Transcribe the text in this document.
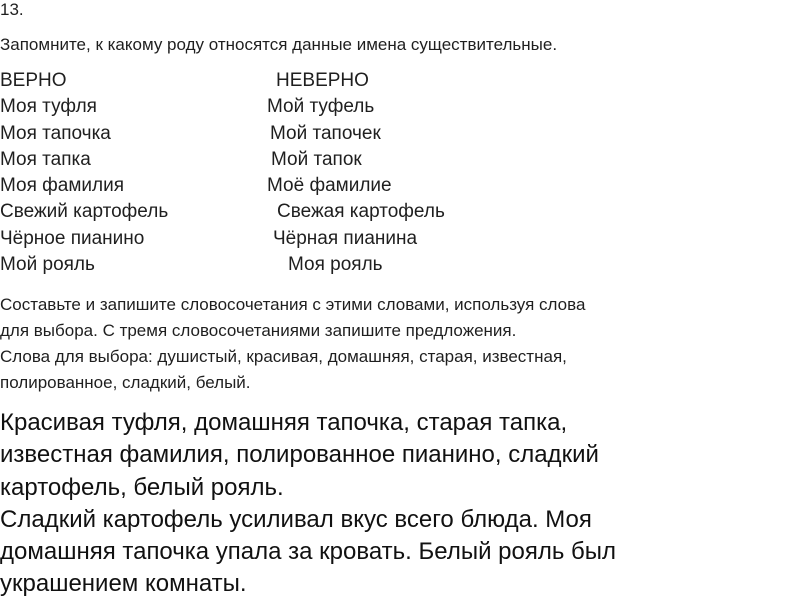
13.
Запомните, к какому роду относятся данные имена существительные.
ВЕРНО
Моя туфля
Моя тапочка
Моя тапка
Моя фамилия
Свежий картофель
Чёрное пианино
Мой рояль
НЕВЕРНО
Мой туфель
Мой тапочек
Мой тапок
Моё фамилие
Свежая картофель
Чёрная пианина
Моя рояль
Составьте и запишите словосочетания с этими словами, используя слова
для выбора. С тремя словосочетаниями запишите предложения.
Слова для выбора: душистый, красивая, домашняя, старая, известная,
полированное, сладкий, белый.
Красивая туфля, домашняя тапочка, старая тапка,
известная фамилия, полированное пианино, сладкий
картофель, белый рояль.
Сладкий картофель усиливал вкус всего блюда. Моя
домашняя тапочка упала за кровать. Белый рояль был
украшением комнаты.
